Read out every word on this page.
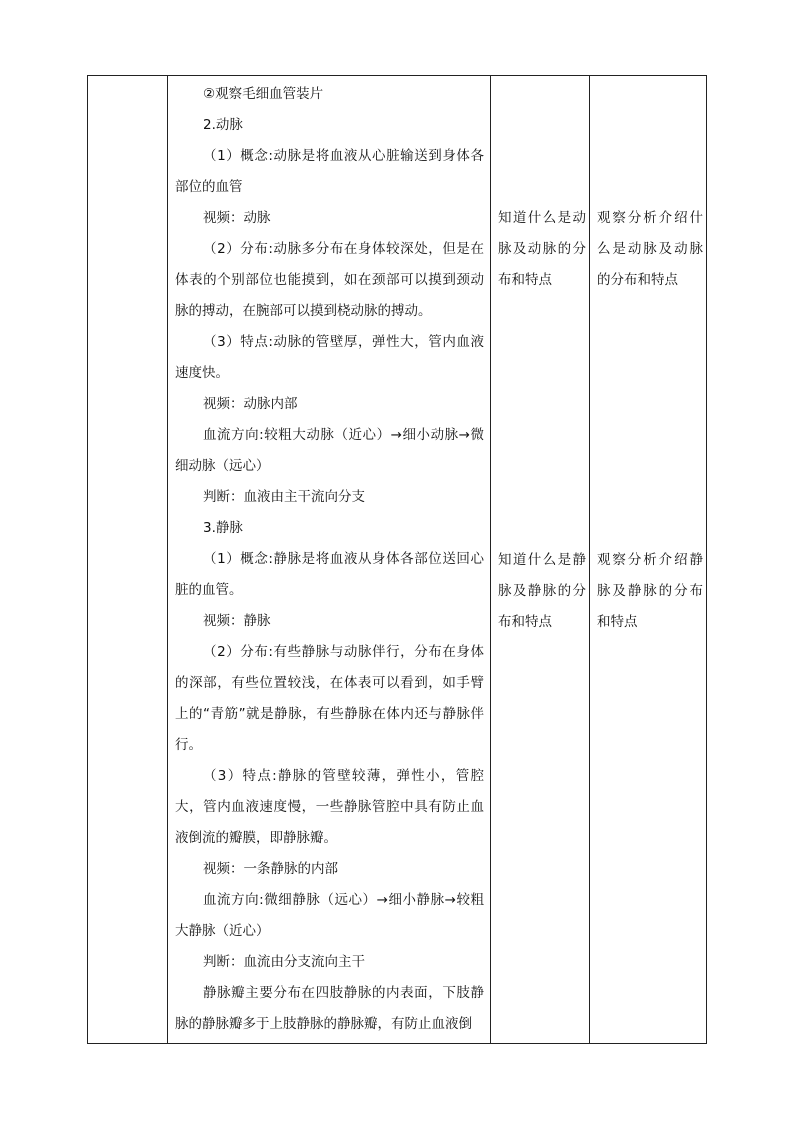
②观察毛细血管装片

2.动脉

（1）概念:动脉是将血液从心脏输送到身体各部位的血管

视频：动脉

（2）分布:动脉多分布在身体较深处，但是在体表的个别部位也能摸到，如在颈部可以摸到颈动脉的搏动，在腕部可以摸到桡动脉的搏动。

（3）特点:动脉的管壁厚，弹性大，管内血液速度快。

视频：动脉内部

血流方向:较粗大动脉（近心）→细小动脉→微细动脉（远心）

判断：血液由主干流向分支

3.静脉

（1）概念:静脉是将血液从身体各部位送回心脏的血管。

视频：静脉

（2）分布:有些静脉与动脉伴行，分布在身体的深部，有些位置较浅，在体表可以看到，如手臂上的“青筋”就是静脉，有些静脉在体内还与静脉伴行。

（3）特点:静脉的管壁较薄，弹性小，管腔大，管内血液速度慢，一些静脉管腔中具有防止血液倒流的瓣膜，即静脉瓣。

视频：一条静脉的内部

血流方向:微细静脉（远心）→细小静脉→较粗大静脉（近心）

判断：血流由分支流向主干

静脉瓣主要分布在四肢静脉的内表面，下肢静脉的静脉瓣多于上肢静脉的静脉瓣，有防止血液倒

知道什么是动脉及动脉的分布和特点

知道什么是静脉及静脉的分布和特点

观察分析介绍什么是动脉及动脉的分布和特点

观察分析介绍静脉及静脉的分布和特点
